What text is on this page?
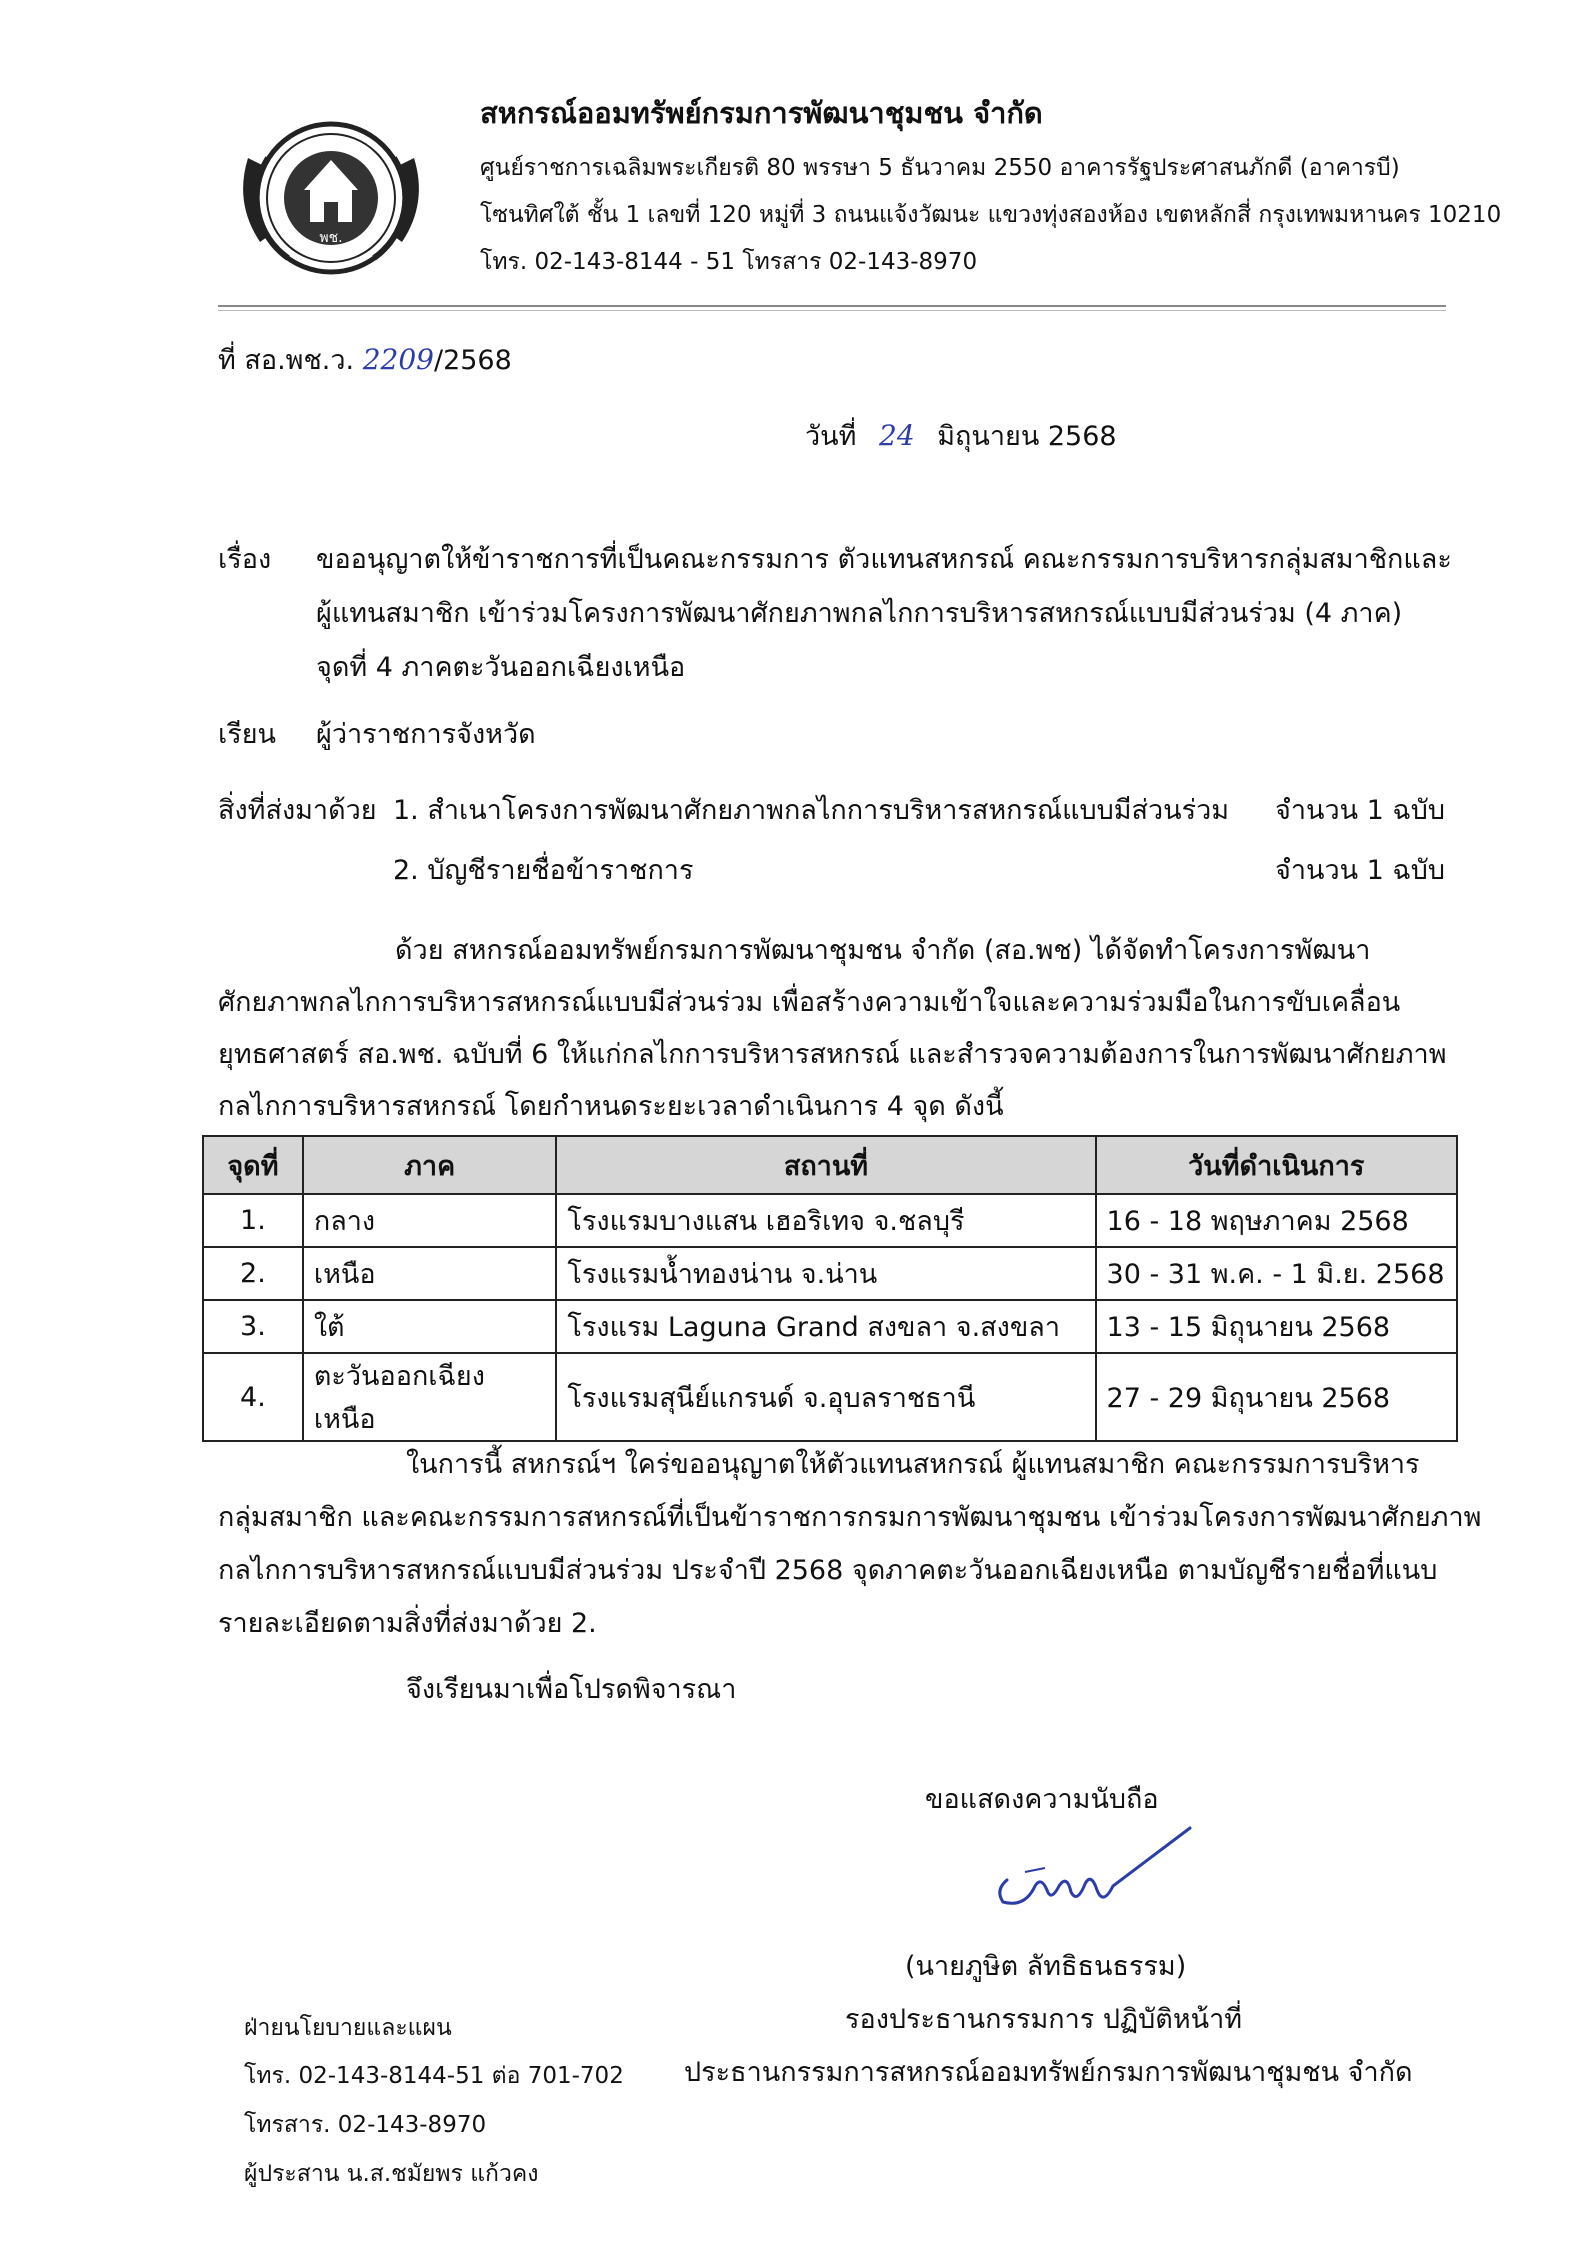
พช.
สหกรณ์ออมทรัพย์กรมการพัฒนาชุมชน จำกัด
ศูนย์ราชการเฉลิมพระเกียรติ 80 พรรษา 5 ธันวาคม 2550 อาคารรัฐประศาสนภักดี (อาคารบี)
โซนทิศใต้ ชั้น 1 เลขที่ 120 หมู่ที่ 3 ถนนแจ้งวัฒนะ แขวงทุ่งสองห้อง เขตหลักสี่ กรุงเทพมหานคร 10210
โทร. 02-143-8144 - 51 โทรสาร 02-143-8970
ที่ สอ.พช.ว. 2209/2568
วันที่ 24 มิถุนายน 2568
เรื่อง ขออนุญาตให้ข้าราชการที่เป็นคณะกรรมการ ตัวแทนสหกรณ์ คณะกรรมการบริหารกลุ่มสมาชิกและ
ผู้แทนสมาชิก เข้าร่วมโครงการพัฒนาศักยภาพกลไกการบริหารสหกรณ์แบบมีส่วนร่วม (4 ภาค)
จุดที่ 4 ภาคตะวันออกเฉียงเหนือ
เรียน ผู้ว่าราชการจังหวัด
สิ่งที่ส่งมาด้วย 1. สำเนาโครงการพัฒนาศักยภาพกลไกการบริหารสหกรณ์แบบมีส่วนร่วม จำนวน 1 ฉบับ
2. บัญชีรายชื่อข้าราชการ	จำนวน 1 ฉบับ
ด้วย สหกรณ์ออมทรัพย์กรมการพัฒนาชุมชน จำกัด (สอ.พช) ได้จัดทำโครงการพัฒนา
ศักยภาพกลไกการบริหารสหกรณ์แบบมีส่วนร่วม เพื่อสร้างความเข้าใจและความร่วมมือในการขับเคลื่อน
ยุทธศาสตร์ สอ.พช. ฉบับที่ 6 ให้แก่กลไกการบริหารสหกรณ์ และสำรวจความต้องการในการพัฒนาศักยภาพ
กลไกการบริหารสหกรณ์ โดยกำหนดระยะเวลาดำเนินการ 4 จุด ดังนี้
จุดที่	ภาค	สถานที่	วันที่ดำเนินการ
1.	กลาง	โรงแรมบางแสน เฮอริเทจ จ.ชลบุรี	16 - 18 พฤษภาคม 2568
2.	เหนือ	โรงแรมน้ำทองน่าน จ.น่าน	30 - 31 พ.ค. - 1 มิ.ย. 2568
3.	ใต้	โรงแรม Laguna Grand สงขลา จ.สงขลา	13 - 15 มิถุนายน 2568
4.	ตะวันออกเฉียงเหนือ	โรงแรมสุนีย์แกรนด์ จ.อุบลราชธานี	27 - 29 มิถุนายน 2568
ในการนี้ สหกรณ์ฯ ใคร่ขออนุญาตให้ตัวแทนสหกรณ์ ผู้แทนสมาชิก คณะกรรมการบริหาร
กลุ่มสมาชิก และคณะกรรมการสหกรณ์ที่เป็นข้าราชการกรมการพัฒนาชุมชน เข้าร่วมโครงการพัฒนาศักยภาพ
กลไกการบริหารสหกรณ์แบบมีส่วนร่วม ประจำปี 2568 จุดภาคตะวันออกเฉียงเหนือ ตามบัญชีรายชื่อที่แนบ
รายละเอียดตามสิ่งที่ส่งมาด้วย 2.
จึงเรียนมาเพื่อโปรดพิจารณา
ขอแสดงความนับถือ
(นายภูษิต ลัทธิธนธรรม)
รองประธานกรรมการ ปฏิบัติหน้าที่
ประธานกรรมการสหกรณ์ออมทรัพย์กรมการพัฒนาชุมชน จำกัด
ฝ่ายนโยบายและแผน
โทร. 02-143-8144-51 ต่อ 701-702
โทรสาร. 02-143-8970
ผู้ประสาน น.ส.ชมัยพร แก้วคง
